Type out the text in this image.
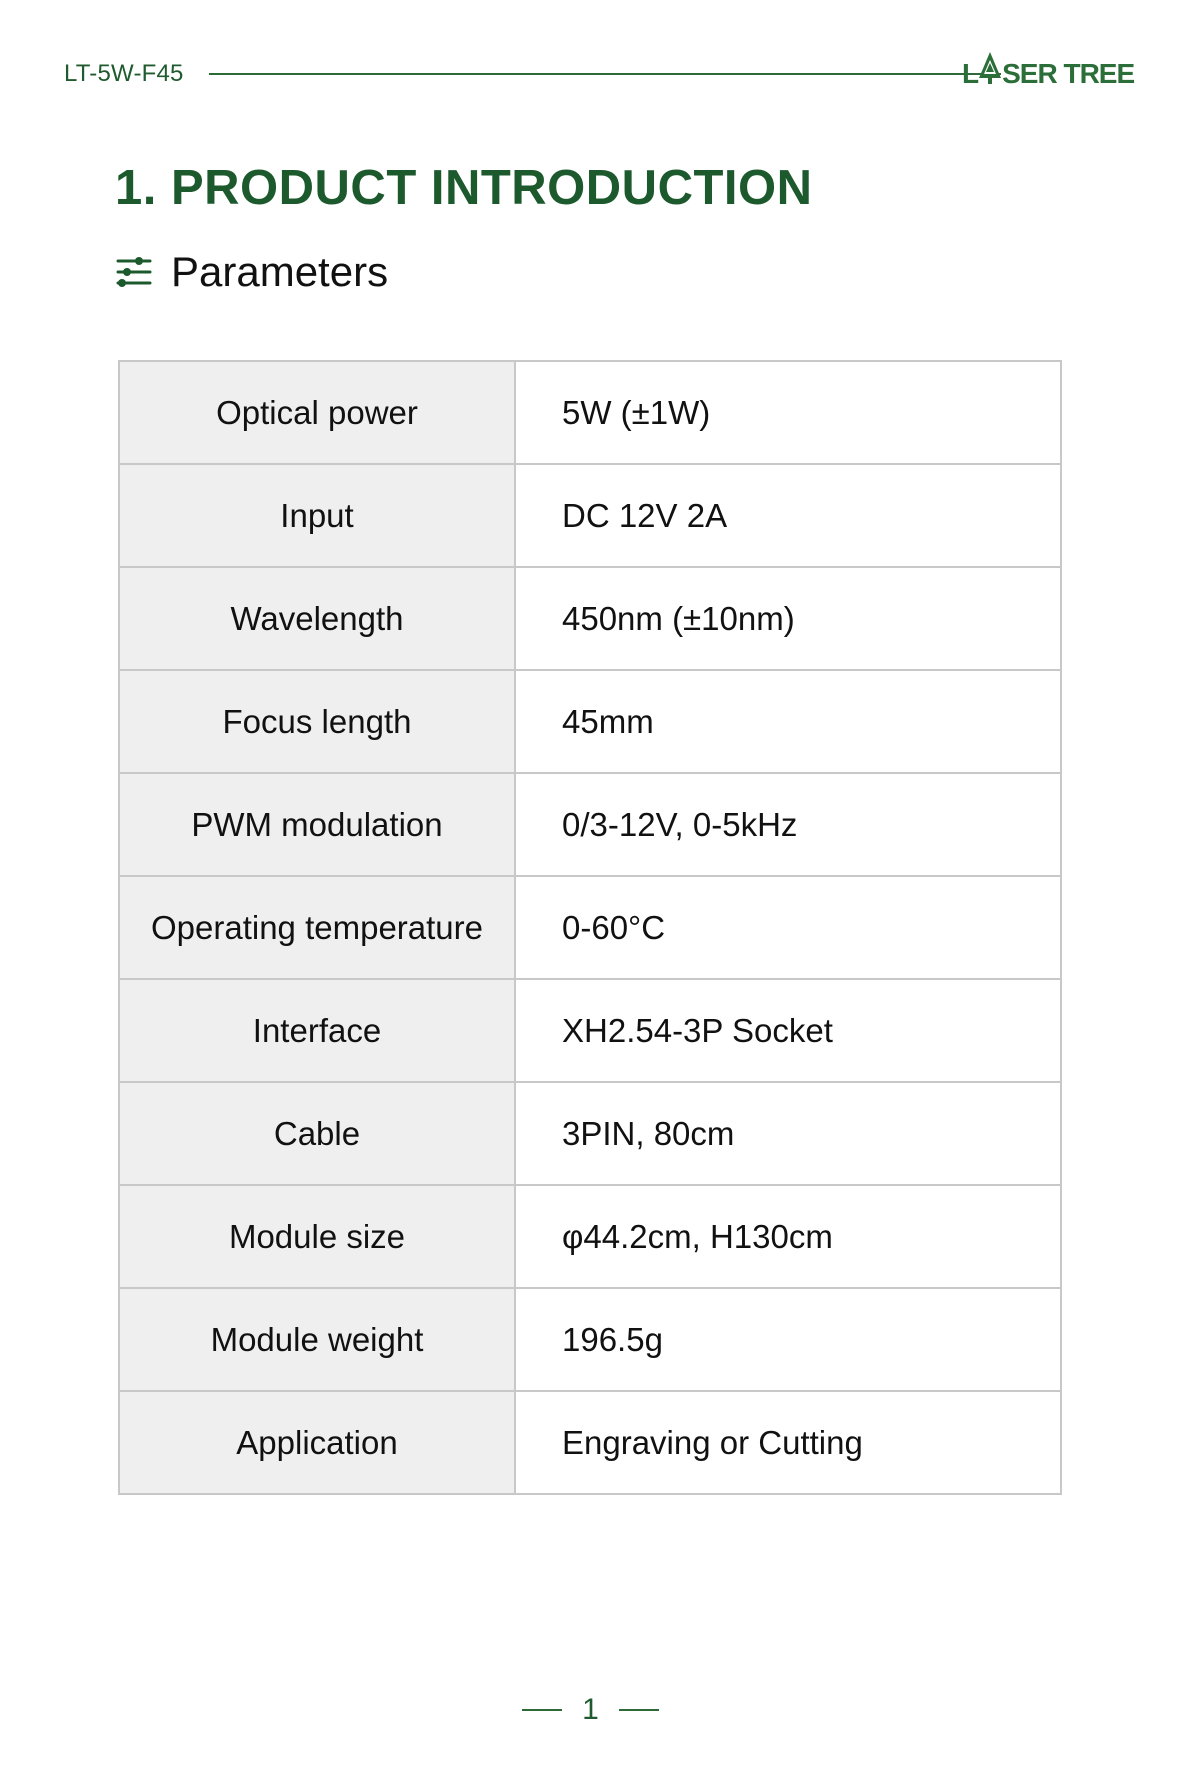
LT-5W-F45	L SER TREE
1. PRODUCT INTRODUCTION
Parameters
Optical power	5W (±1W)
Input	DC 12V 2A
Wavelength	450nm (±10nm)
Focus length	45mm
PWM modulation	0/3-12V, 0-5kHz
Operating temperature	0-60°C
Interface	XH2.54-3P Socket
Cable	3PIN, 80cm
Module size	φ44.2cm, H130cm
Module weight	196.5g
Application	Engraving or Cutting
1
